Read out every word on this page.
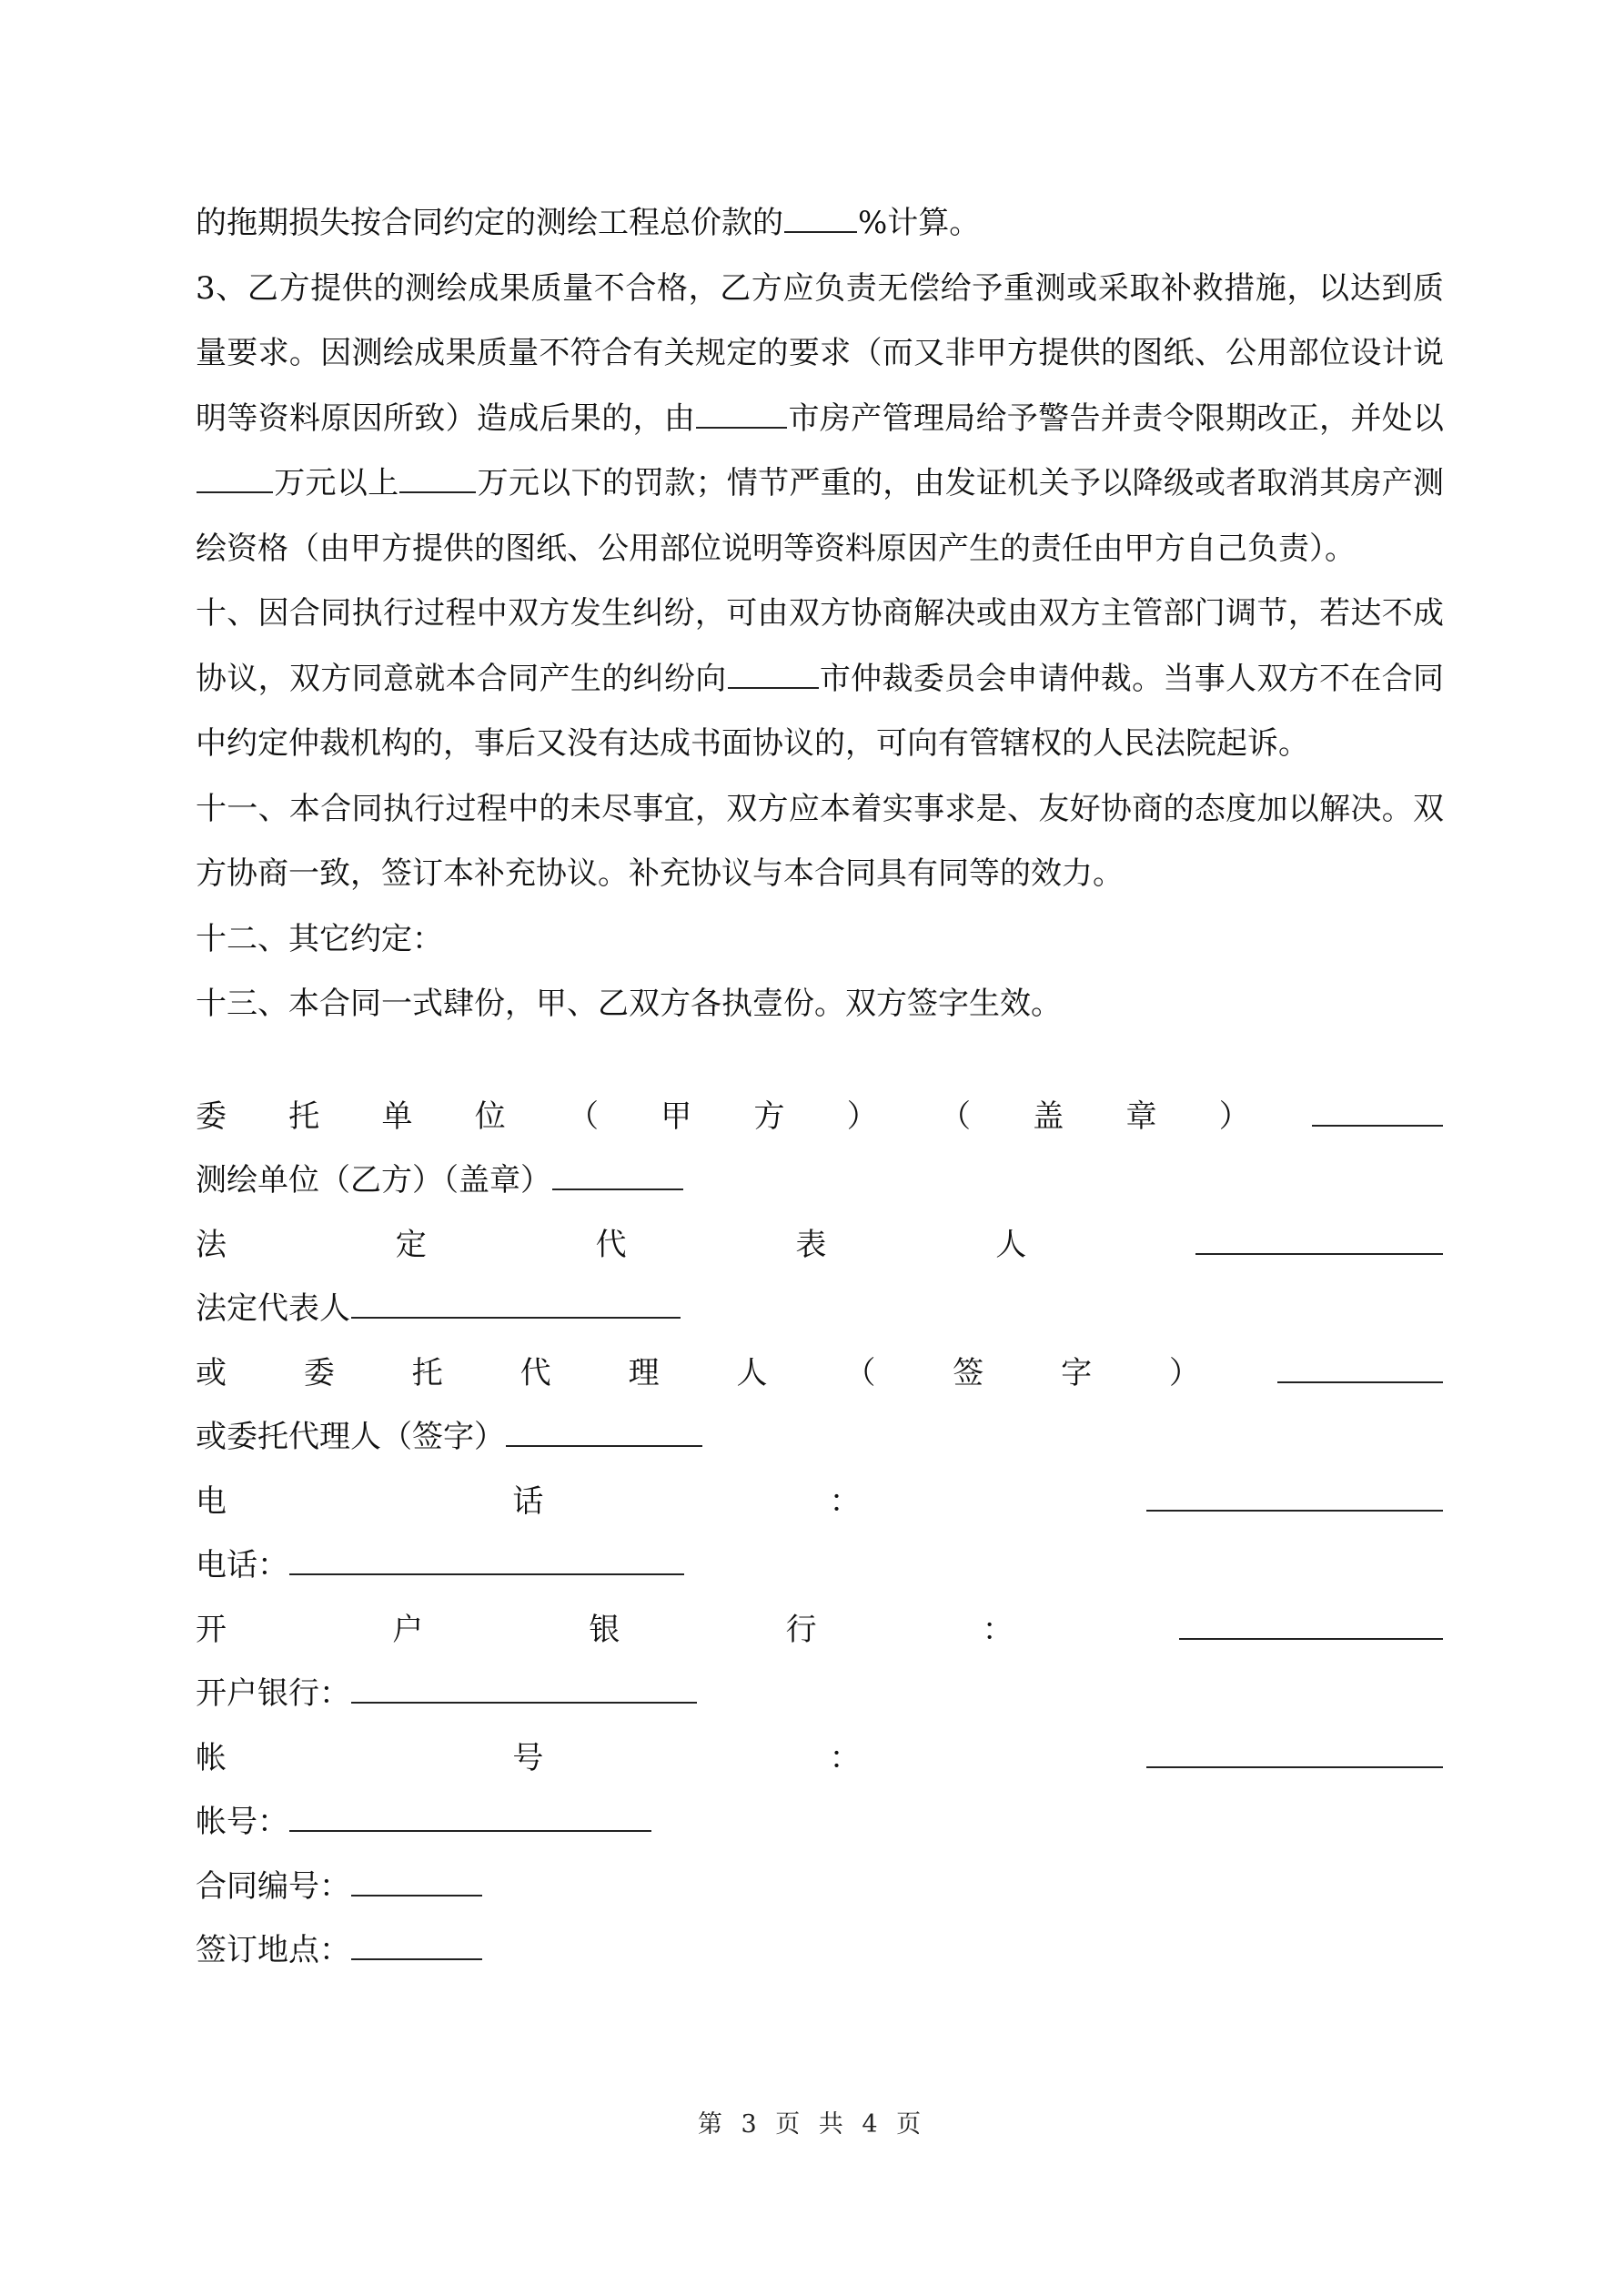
的拖期损失按合同约定的测绘工程总价款的 %计算。

3、乙方提供的测绘成果质量不合格，乙方应负责无偿给予重测或采取补救措施，以达到质量要求。因测绘成果质量不符合有关规定的要求（而又非甲方提供的图纸、公用部位设计说明等资料原因所致）造成后果的，由	市房产管理局给予警告并责令限期改正，并处以万元以上	万元以下的罚款；情节严重的，由发证机关予以降级或者取消其房产测绘资格（由甲方提供的图纸、公用部位说明等资料原因产生的责任由甲方自己负责）。

十、因合同执行过程中双方发生纠纷，可由双方协商解决或由双方主管部门调节，若达不成协议，双方同意就本合同产生的纠纷向	市仲裁委员会申请仲裁。当事人双方不在合同中约定仲裁机构的，事后又没有达成书面协议的，可向有管辖权的人民法院起诉。

十一、本合同执行过程中的未尽事宜，双方应本着实事求是、友好协商的态度加以解决。双方协商一致，签订本补充协议。补充协议与本合同具有同等的效力。

十二、其它约定：

十三、本合同一式肆份，甲、乙双方各执壹份。双方签字生效。

委 托 单 位 （ 甲 方 ） （ 盖 章 ）
测绘单位（乙方）（盖章）
法	定	代	表	人
法定代表人
或 委 托 代 理 人 （ 签 字 ）
或委托代理人（签字）
电	话	：
电话：
开	户	银	行	：
开户银行：
帐	号	：
帐号：
合同编号：
签订地点：
第 3 页 共 4 页
